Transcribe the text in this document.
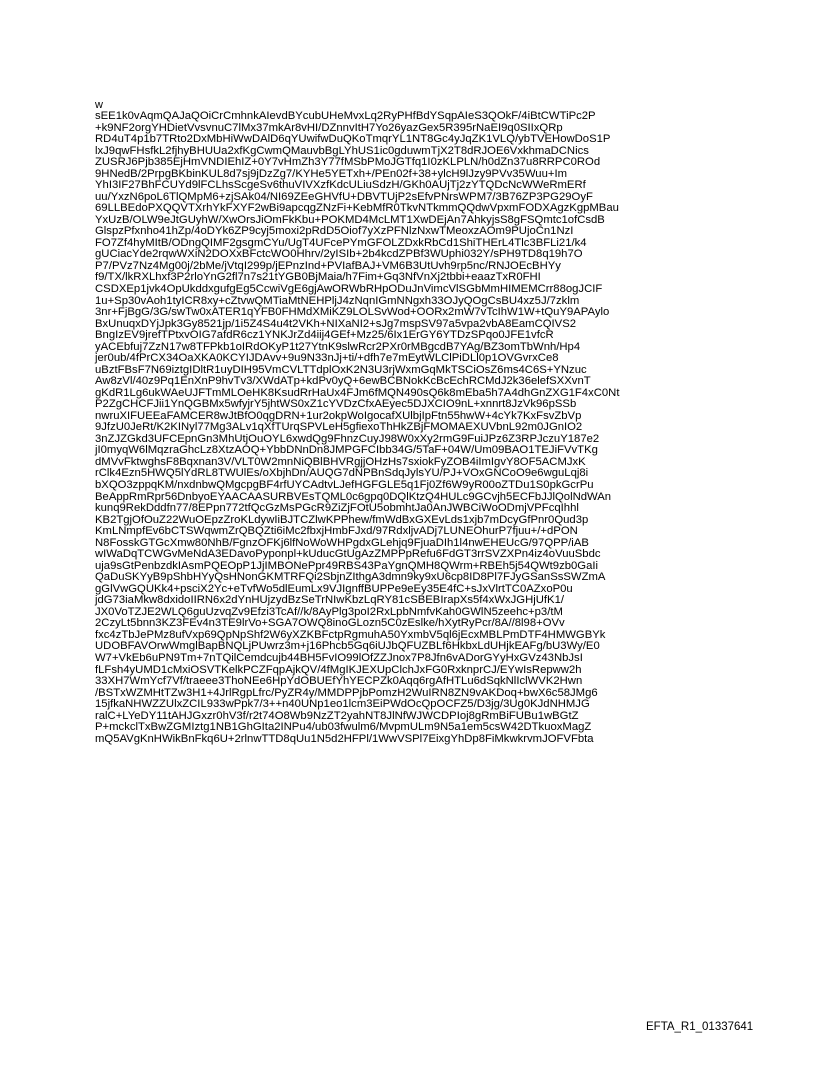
w
sEE1k0vAqmQAJaQOiCrCmhnkAIevdBYcubUHeMvxLq2RyPHfBdYSqpAIeS3QOkF/4iBtCWTiPc2P
+k9NF2orgYHDietVvsvnuC7lMx37mkAr8vHI/DZnnvItH7Yo26yazGex5R395rNaEI9q0SIIxQRp
RD4uT4p1b7TRto2DxMbHiWwDAlD6qYUwifwDuQKoTmqrYL1NT8Gc4yJqZK1VLQ/ybTVEHowDoS1P
lxJ9qwFHsfkL2fjhyBHUUa2xfKgCwmQMauvbBgLYhUS1ic0gduwmTjX2T8dRJOE6VxkhmaDCNics
ZUSRJ6Pjb385EjHmVNDIEhIZ+0Y7vHmZh3Y77fMSbPMoJGTfq1I0zKLPLN/h0dZn37u8RRPC0ROd
9HNedB/2PrpgBKbinKUL8d7sj9jDzZg7/KYHe5YETxh+/PEn02f+38+ylcH9lJzy9PVv35Wuu+Im
YhI3IF27BhFCUYd9lFCLhsScgeSv6thuVIVXzfKdcULiuSdzH/GKh0AUjTj2zYTQDcNcWWeRmERf
uu/YxzN6poL6TlQMpM6+zjSAk04/NI69ZEeGHVfU+DBVTUjP2sEfvPNrsWPM7/3B76ZP3PG29OyF
69LLBEdoPXQQVTXrhYkFXYF2wBi9apcqgZNzFi+KebMfR0TkvNTkmmQQdwVpxmFODXAgzKgpMBau
YxUzB/OLW9eJtGUyhW/XwOrsJiOmFkKbu+POKMD4McLMT1XwDEjAn7AhkyjsS8gFSQmtc1ofCsdB
GlspzPfxnho41hZp/4oDYk6ZP9cyj5moxi2pRdD5Oiof7yXzPFNlzNxwTMeoxzAOm9PUjoCn1NzI
FO7Zf4hyMItB/ODngQIMF2gsgmCYu/UgT4UFcePYmGFOLZDxkRbCd1ShiTHErL4Tlc3BFLi21/k4
gUCiacYde2rqwWXiN2DOXxBFctcWO0Hhrv/2yISIb+2b4kcdZPBf3WUphi032Y/sPH9TD8q19h7O
P7/PVz7Nz4Mg00j/2bMe/jVtqI299p/jEPnzInd+PVIafBAJ+VM6B3UtUvh9rp5nc/RNJOEcBHYy
f9/TX/lkRXLhxf3P2rloYnG2fl7n7s21tYGB0BjMaia/h7Fim+Gq3NfVnXj2tbbi+eaazTxR0FHI
CSDXEp1jvk4OpUkddxgufgEg5CcwiVgE6gjAwORWbRHpODuJnVimcVlSGbMmHIMEMCrr88ogJCIF
1u+Sp30vAoh1tyICR8xy+cZtvwQMTiaMtNEHPljJ4zNqnIGmNNgxh33OJyQOgCsBU4xz5J/7zklm
3nr+FjBgG/3G/swTw0xATER1qYFB0FHMdXMiKZ9LOLSvWod+OORx2mW7vTcIhW1W+tQuY9APAylo
BxUnuqxDYjJpk3Gy8521jp/1i5Z4S4u4t2VKh+NIXaNI2+sJg7mspSV97a5vpa2vbA8EamCQIVS2
BngIzEV9jrefTPtxvOIG7afdR6cz1YNKJrZd4iij4GEf+Mz25/6Ix1ErGY6YTDzSPqo0JFE1vfcR
yACEbfuj7ZzN17w8TFPkb1oIRdOKyP1t27YtnK9slwRcr2PXr0rMBgcdB7YAg/BZ3omTbWnh/Hp4
jer0ub/4fPrCX34OaXKA0KCYIJDAvv+9u9N33nJj+ti/+dfh7e7mEytWLClPiDLl0p1OVGvrxCe8
uBztFBsF7N69iztgIDltR1uyDIH95VmCVLTTdplOxK2N3U3rjWxmGqMkTSCiOsZ6ms4C6S+YNzuc
Aw8zVl/40z9Pq1EnXnP9hvTv3/XWdATp+kdPv0yQ+6ewBCBNokKcBcEchRCMdJ2k36elefSXXvnT
gKdR1Lg6ukWAeUJFTmMLOeHK8KsudRrHaUx4FJm6fMQN490sQ6k8mEba5h7A4dhGnZXG1F4xC0Nt
P2ZgCHCFJii1YnQGBMx5wfyjrY5jhtWS0xZ1cYVDzCfxAEyec5DJXCIO9nL+xnnrt8JzVk96pSSb
nwruXIFUEEaFAMCER8wJtBfO0qgDRN+1ur2okpWoIgocafXUlbjIpFtn55hwW+4cYk7KxFsvZbVp
9JfzU0JeRt/K2KINyl77Mg3ALv1qXfTUrqSPVLeH5gfiexoThHkZBjFMOMAEXUVbnL92m0JGnIO2
3nZJZGkd3UFCEpnGn3MhUtjOuOYL6xwdQg9FhnzCuyJ98W0xXy2rmG9FuiJPz6Z3RPJczuY187e2
jI0myqW6lMqzraGhcLz8XtzAOQ+YbbDNnDn8JMPGFCIbb34G/5TaF+04W/Um09BAO1TEJiFVvTKg
dMVvFktwghsF8Bqxnan3V/VLT0W2mnNiQBlBHVRgjjOHzHs7sxiokFyZOB4iImIgvY8OF5ACMJxK
rClk4Ezn5HWQ5lYdRL8TWUlEs/oXbjhDn/AUQG7dNPBnSdqJylsYU/PJ+VOxGNCoO9e6wguLqj8i
bXQO3zppqKM/nxdnbwQMgcpgBF4rfUYCAdtvLJefHGFGLE5q1Fj0Zf6W9yR00oZTDu1S0pkGcrPu
BeAppRmRpr56DnbyoEYAACAASURBVEsTQML0c6gpq0DQlKtzQ4HULc9GCvjh5ECFbJJlQolNdWAn
kunq9RekDddfn77/8EPpn772tfQcGzMsPGcR9ZiZjFOtU5obmhtJa0AnJWBCiWoODmjVPFcqIhhl
KB2TgjOfOuZ22WuOEpzZroKLdywIiBJTCZlwKPPhew/fmWdBxGXEvLds1xjb7mDcyGfPnr0Qud3p
KmLNmpfEv6bCTSWqwmZrQBQZti6iMc2fbxjHmbFJxd/97RdxljvADj7LUNEOhurP7fjuu+/+dPON
N8FosskGTGcXmw80NhB/FgnzOFKj6lfNoWoWHPgdxGLehjq9FjuaDIh1l4nwEHEUcG/97QPP/iAB
wIWaDqTCWGvMeNdA3EDavoPyponpl+kUducGtUgAzZMPPpRefu6FdGT3rrSVZXPn4iz4oVuuSbdc
uja9sGtPenbzdkIAsmPQEOpP1JjIMBONePpr49RBS43PaYgnQMH8QWrm+RBEh5j54QWt9zb0GaIi
QaDuSKYyB9pShbHYyQsHNonGKMTRFQi2SbjnZIthgA3dmn9ky9xU6cp8ID8Pl7FJyGSanSsSWZmA
gGlVwGQUKk4+psciX2Yc+eTvfWo5dlEumLx9VJIgnffBUPPe9eEy35E4fC+sJxVlrtTC0AZxoP0u
jdG73iaMkw8dxidoIIRN6x2dYnHUjzydBzSeTrNIwKbzLqRY81cSBEBIrapXs5f4xWxJGHjUfK1/
JX0VoTZJE2WLQ6guUzvqZv9Efzi3TcAf//k/8AyPlg3poI2RxLpbNmfvKah0GWlN5zeehc+p3/tM
2CzyLt5bnn3KZ3FEv4n3TE9lrVo+SGA7OWQ8inoGLozn5C0zEslke/hXytRyPcr/8A//8l98+OVv
fxc4zTbJePMz8ufVxp69QpNpShf2W6yXZKBFctpRgmuhA50YxmbV5ql6jEcxMBLPmDTF4HMWGBYk
UDOBFAVOrwWmglBapBNQLjPUwrz3m+j16Phcb5Gq6iUJbQFUZBLf6HkbxLdUHjkEAFg/bU3Wy/E0
W7+VkEb6uPN9Tm+7nTQilCemdcujb44BH5FvIO99lOfZZJnox7P8Jfn6vADorGYyHxGVz43NbJsI
fLFsh4yUMD1cMxiOSVTKelkPCZFqpAjkQV/4fMgIKJEXUpClchJxFG0RxknprCJ/EYwIsRepww2h
33XH7WmYcf7Vf/traeee3ThoNEe6HpYdOBUEfYhYECPZk0Aqq6rgAfHTLu6dSqkNlIclWVK2Hwn
/BSTxWZMHtTZw3H1+4JrlRgpLfrc/PyZR4y/MMDPPjbPomzH2WuIRN8ZN9vAKDoq+bwX6c58JMg6
15jfkaNHWZZUlxZCIL933wPpk7/3++n40UNp1eo1lcm3EiPWdOcQpOCFZ5/D3jg/3Ug0KJdNHMJG
ralC+LYeDY11tAHJGxzr0hV3f/r2t74O8Wb9NzZT2yahNT8JlNfWJWCDPIoj8gRmBiFUBu1wBGtZ
P+mckclTxBwZGMIztg1NB1GhGIta2INPu4/ub03fwulm6/MvpmULm9N5a1em5csW42DTkuoxMagZ
mQ5AVgKnHWikBnFkq6U+2rlnwTTD8qUu1N5d2HFPl/1WwVSPl7EixgYhDp8FiMkwkrvmJOFVFbta
EFTA_R1_01337641
